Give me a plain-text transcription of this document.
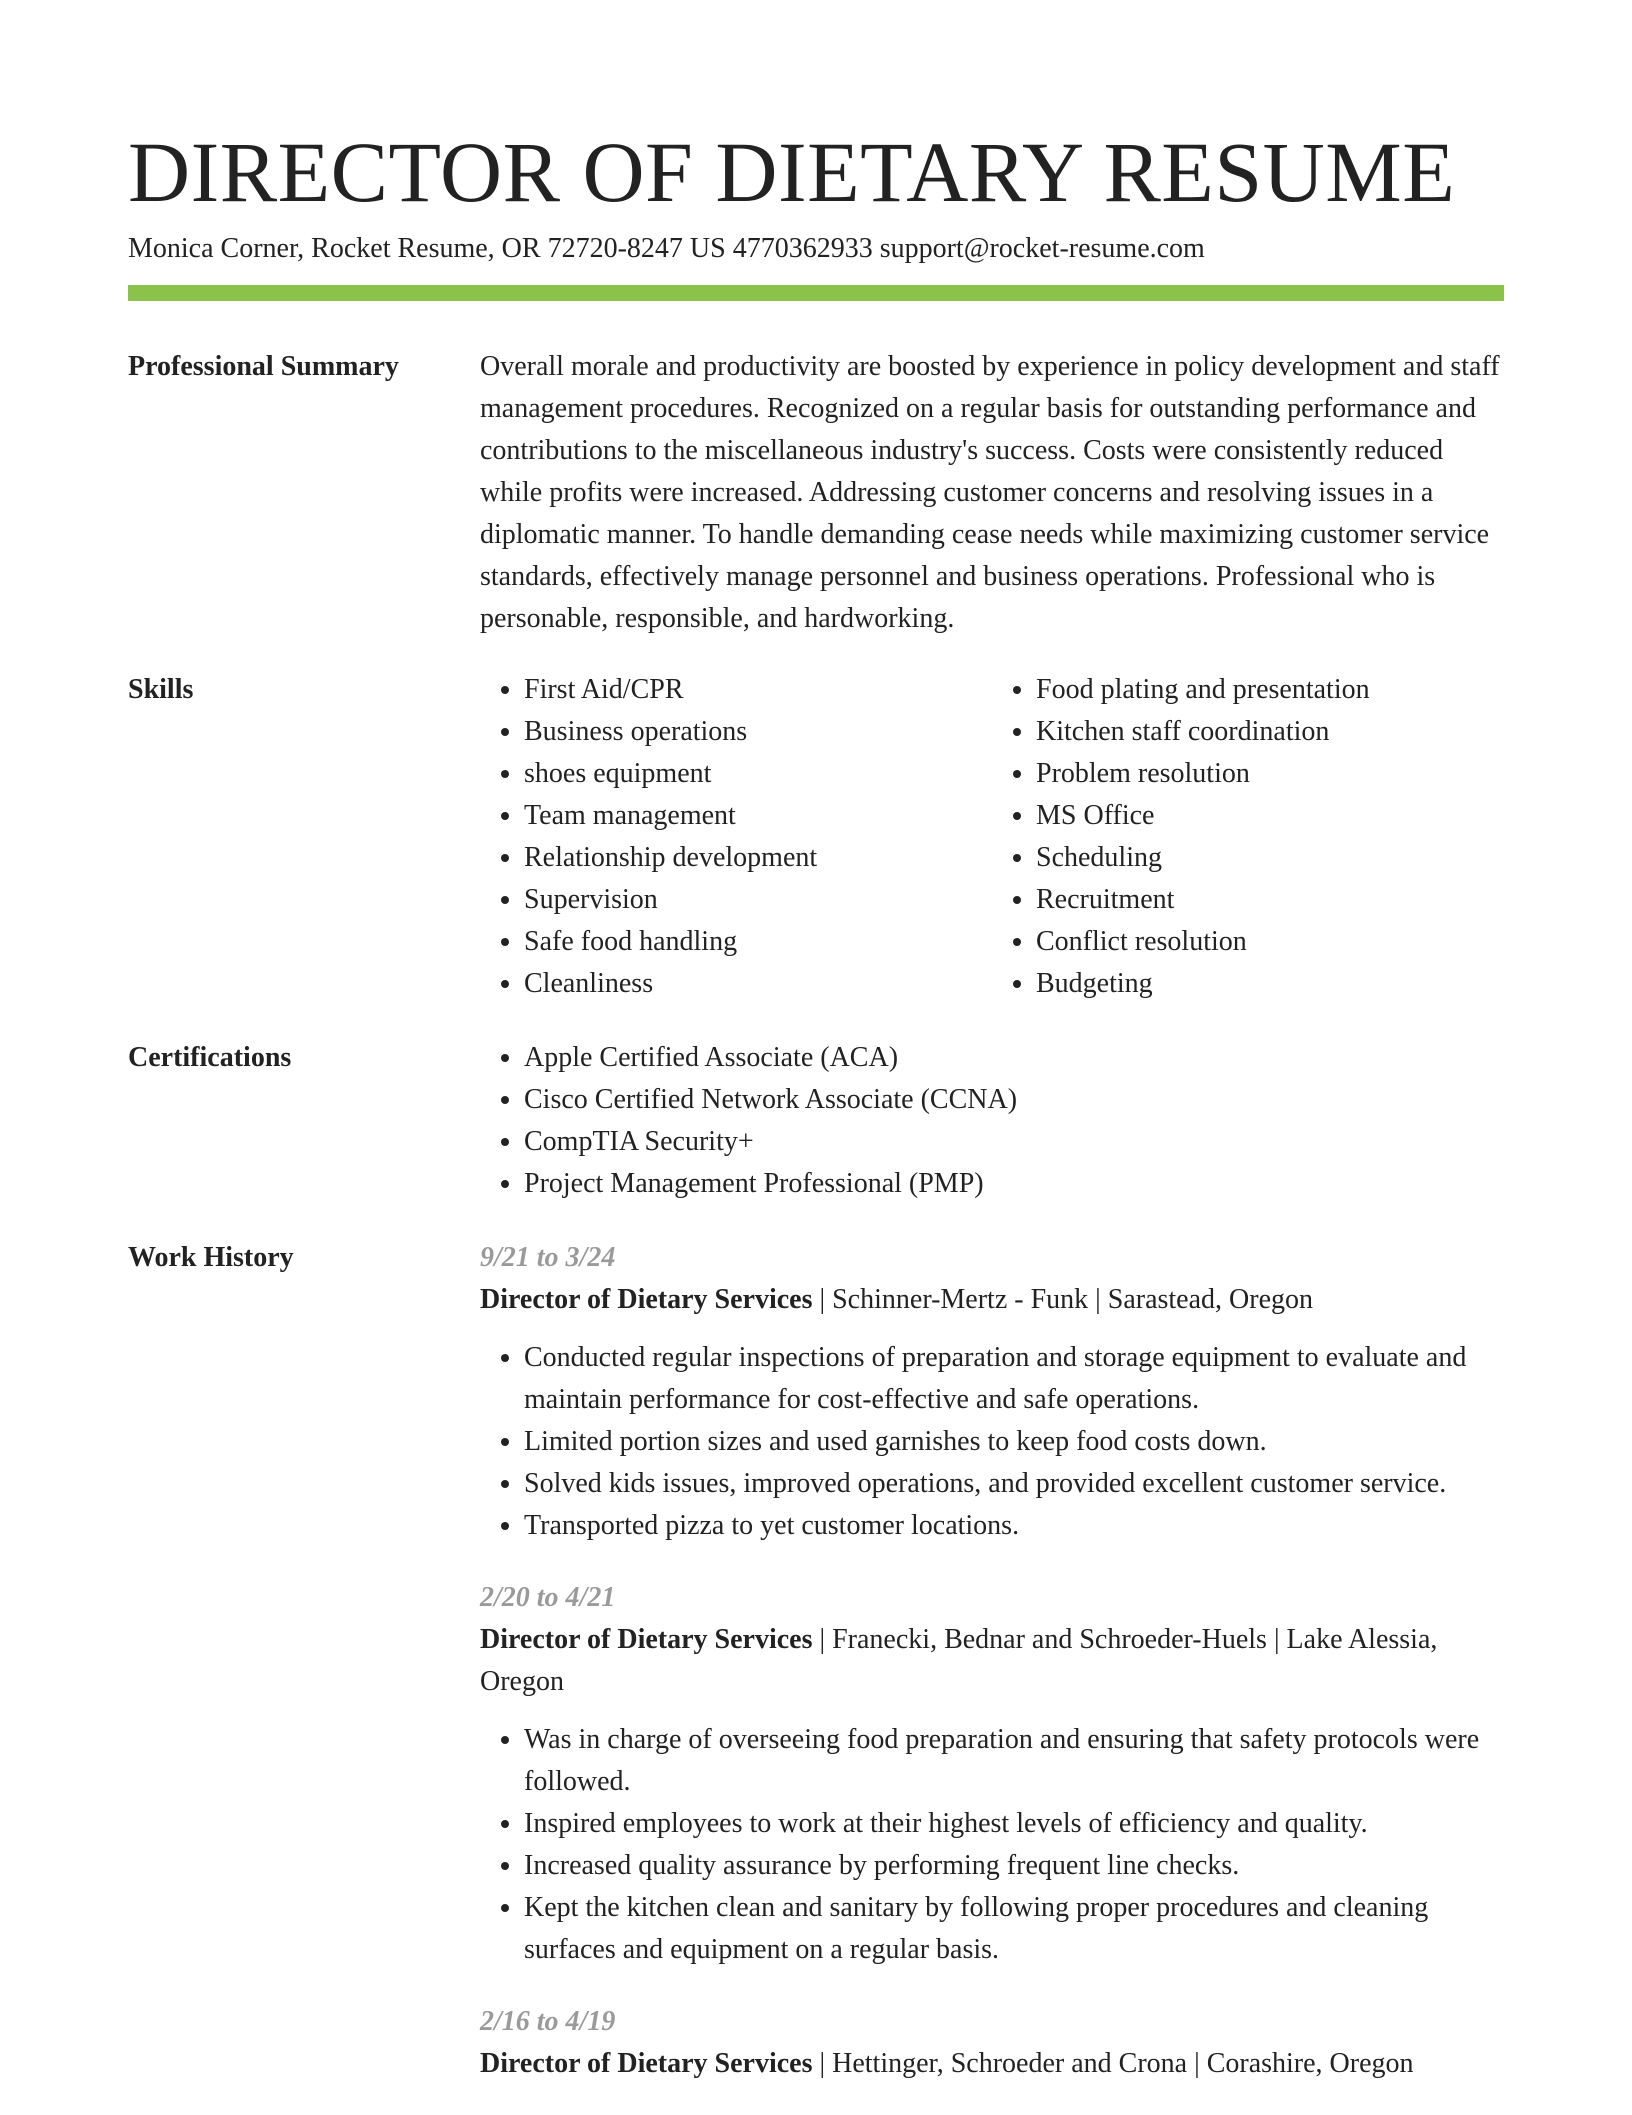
DIRECTOR OF DIETARY RESUME
Monica Corner, Rocket Resume, OR 72720-8247 US 4770362933 support@rocket-resume.com
Professional Summary	Overall morale and productivity are boosted by experience in policy development and staff management procedures. Recognized on a regular basis for outstanding performance and contributions to the miscellaneous industry's success. Costs were consistently reduced while profits were increased. Addressing customer concerns and resolving issues in a diplomatic manner. To handle demanding cease needs while maximizing customer service standards, effectively manage personnel and business operations. Professional who is personable, responsible, and hardworking.

Skills	• First Aid/CPR
• Business operations
• shoes equipment
• Team management
• Relationship development
• Supervision
• Safe food handling
• Cleanliness
• Food plating and presentation
• Kitchen staff coordination
• Problem resolution
• MS Office
• Scheduling
• Recruitment
• Conflict resolution
• Budgeting
Certifications	• Apple Certified Associate (ACA)
• Cisco Certified Network Associate (CCNA)
• CompTIA Security+
• Project Management Professional (PMP)
Work History	9/21 to 3/24
Director of Dietary Services | Schinner-Mertz - Funk | Sarastead, Oregon
• Conducted regular inspections of preparation and storage equipment to evaluate and maintain performance for cost-effective and safe operations.
• Limited portion sizes and used garnishes to keep food costs down.
• Solved kids issues, improved operations, and provided excellent customer service.
• Transported pizza to yet customer locations.
2/20 to 4/21
Director of Dietary Services | Franecki, Bednar and Schroeder-Huels | Lake Alessia, Oregon
• Was in charge of overseeing food preparation and ensuring that safety protocols were followed.
• Inspired employees to work at their highest levels of efficiency and quality.
• Increased quality assurance by performing frequent line checks.
• Kept the kitchen clean and sanitary by following proper procedures and cleaning surfaces and equipment on a regular basis.
2/16 to 4/19
Director of Dietary Services | Hettinger, Schroeder and Crona | Corashire, Oregon
